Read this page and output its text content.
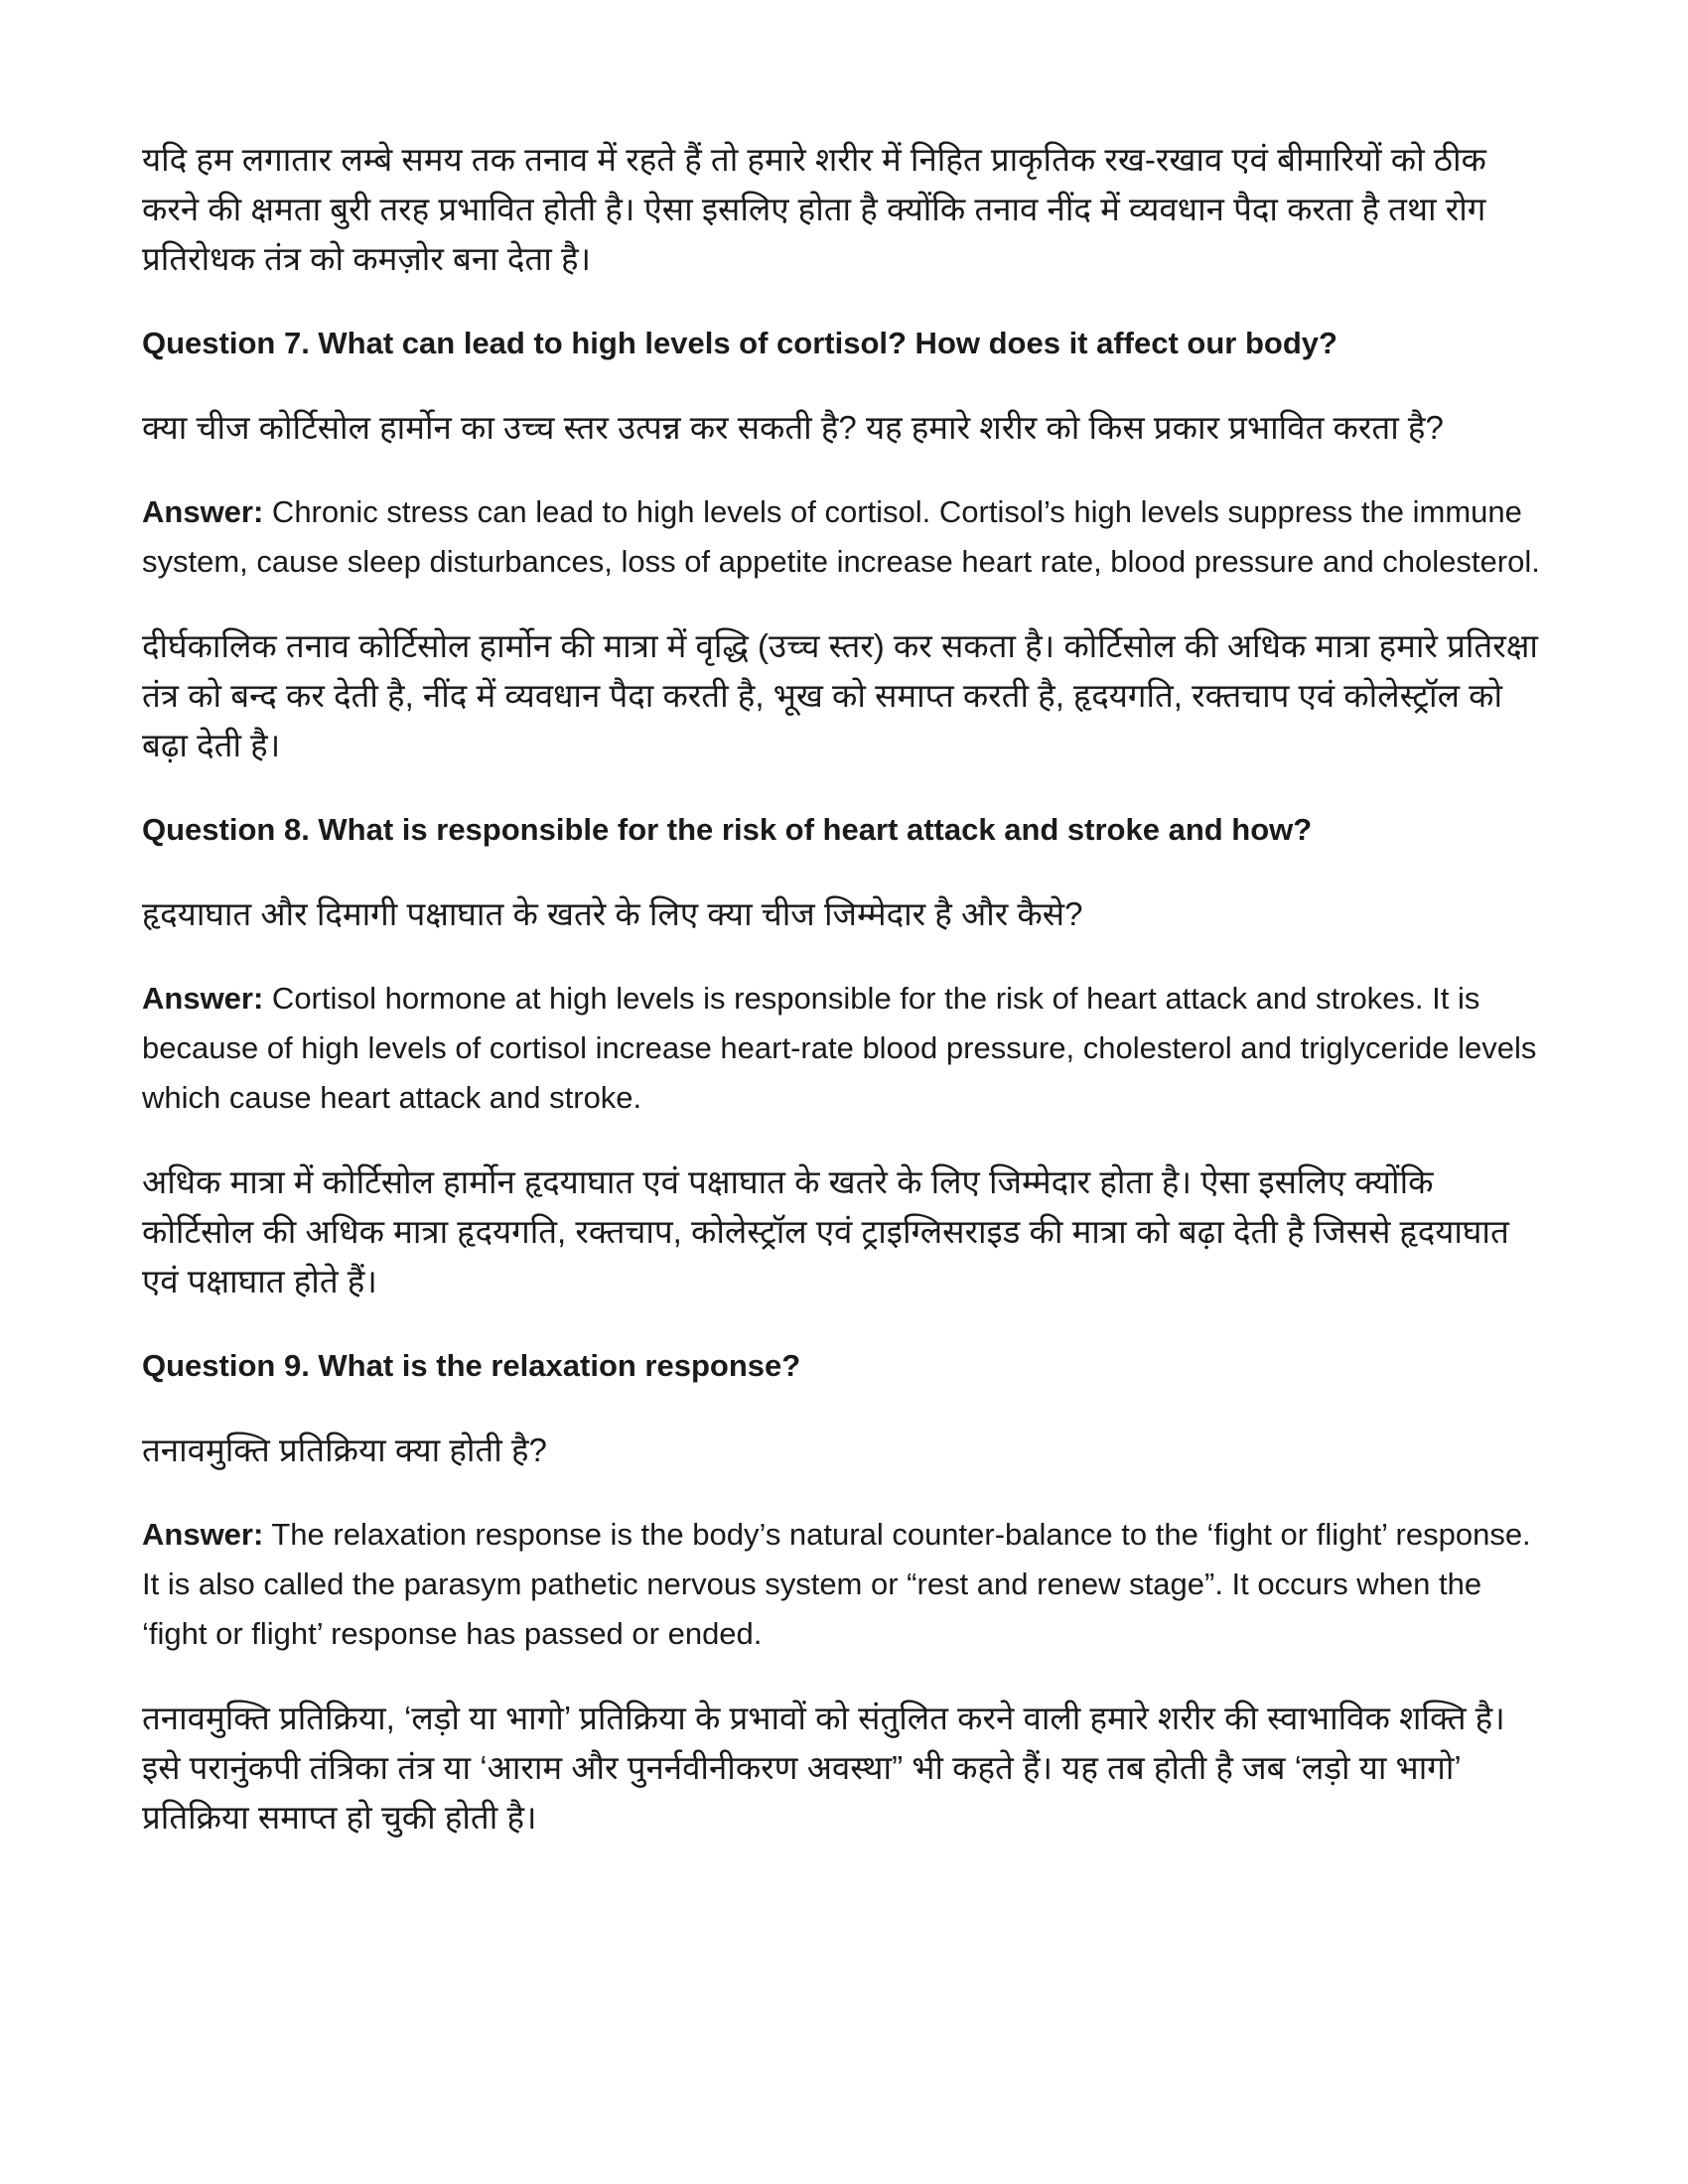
यदि हम लगातार लम्बे समय तक तनाव में रहते हैं तो हमारे शरीर में निहित प्राकृतिक रख-रखाव एवं बीमारियों को ठीक करने की क्षमता बुरी तरह प्रभावित होती है। ऐसा इसलिए होता है क्योंकि तनाव नींद में व्यवधान पैदा करता है तथा रोग प्रतिरोधक तंत्र को कमज़ोर बना देता है।

Question 7. What can lead to high levels of cortisol? How does it affect our body?

क्या चीज कोर्टिसोल हार्मोन का उच्च स्तर उत्पन्न कर सकती है? यह हमारे शरीर को किस प्रकार प्रभावित करता है?

Answer: Chronic stress can lead to high levels of cortisol. Cortisol’s high levels suppress the immune system, cause sleep disturbances, loss of appetite increase heart rate, blood pressure and cholesterol.

दीर्घकालिक तनाव कोर्टिसोल हार्मोन की मात्रा में वृद्धि (उच्च स्तर) कर सकता है। कोर्टिसोल की अधिक मात्रा हमारे प्रतिरक्षा तंत्र को बन्द कर देती है, नींद में व्यवधान पैदा करती है, भूख को समाप्त करती है, हृदयगति, रक्तचाप एवं कोलेस्ट्रॉल को बढ़ा देती है।

Question 8. What is responsible for the risk of heart attack and stroke and how?

हृदयाघात और दिमागी पक्षाघात के खतरे के लिए क्या चीज जिम्मेदार है और कैसे?

Answer: Cortisol hormone at high levels is responsible for the risk of heart attack and strokes. It is because of high levels of cortisol increase heart-rate blood pressure, cholesterol and triglyceride levels which cause heart attack and stroke.

अधिक मात्रा में कोर्टिसोल हार्मोन हृदयाघात एवं पक्षाघात के खतरे के लिए जिम्मेदार होता है। ऐसा इसलिए क्योंकि कोर्टिसोल की अधिक मात्रा हृदयगति, रक्तचाप, कोलेस्ट्रॉल एवं ट्राइग्लिसराइड की मात्रा को बढ़ा देती है जिससे हृदयाघात एवं पक्षाघात होते हैं।

Question 9. What is the relaxation response?

तनावमुक्ति प्रतिक्रिया क्या होती है?

Answer: The relaxation response is the body’s natural counter-balance to the ‘fight or flight’ response. It is also called the parasym pathetic nervous system or “rest and renew stage”. It occurs when the ‘fight or flight’ response has passed or ended.

तनावमुक्ति प्रतिक्रिया, ‘लड़ो या भागो’ प्रतिक्रिया के प्रभावों को संतुलित करने वाली हमारे शरीर की स्वाभाविक शक्ति है। इसे परानुंकपी तंत्रिका तंत्र या ‘आराम और पुनर्नवीनीकरण अवस्था” भी कहते हैं। यह तब होती है जब ‘लड़ो या भागो’ प्रतिक्रिया समाप्त हो चुकी होती है।
